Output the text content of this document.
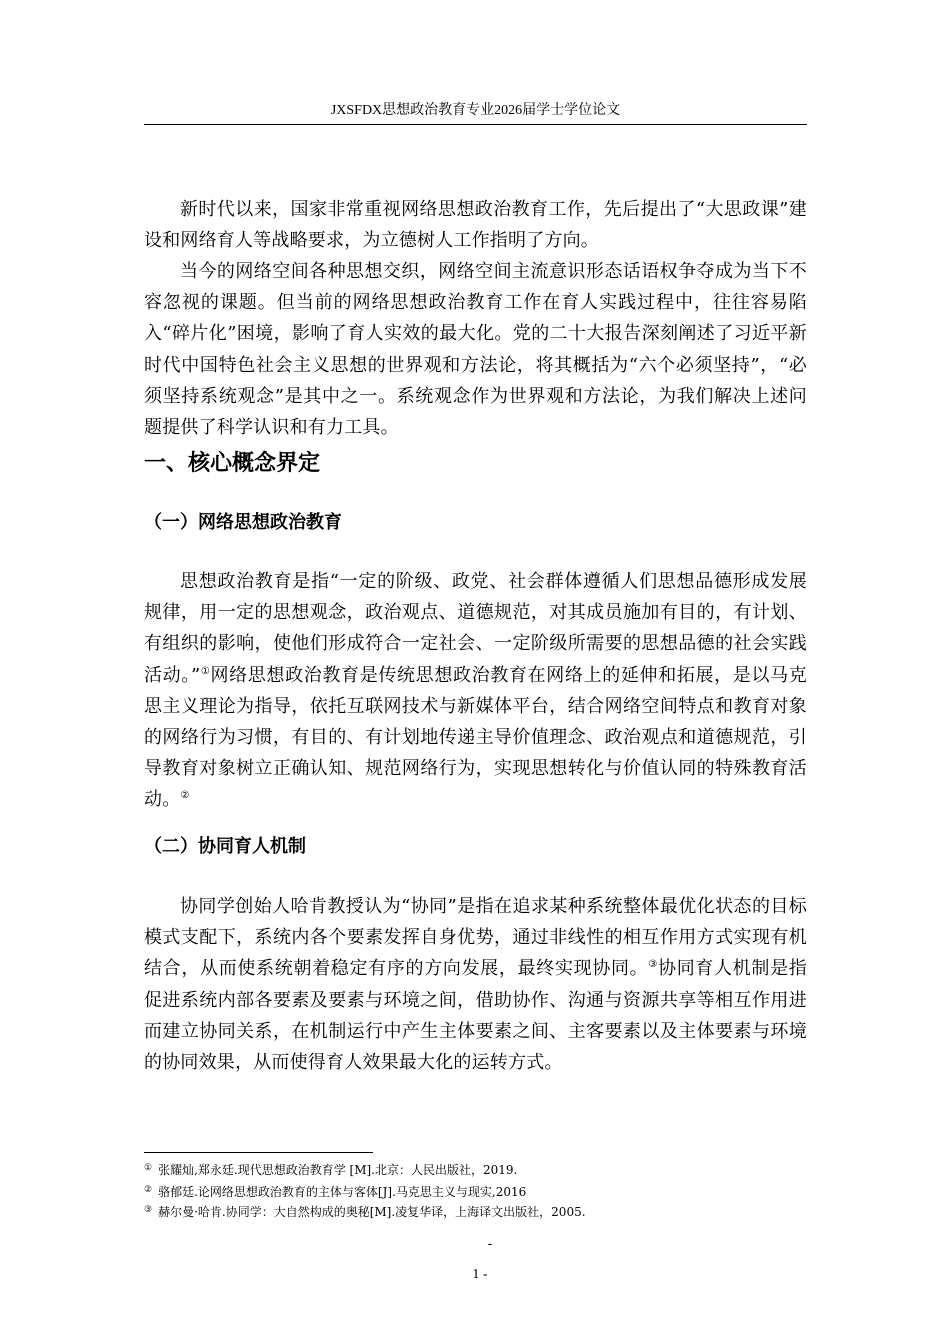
JXSFDX思想政治教育专业2026届学士学位论文

新时代以来，国家非常重视网络思想政治教育工作，先后提出了“大思政课”建设和网络育人等战略要求，为立德树人工作指明了方向。

当今的网络空间各种思想交织，网络空间主流意识形态话语权争夺成为当下不容忽视的课题。但当前的网络思想政治教育工作在育人实践过程中，往往容易陷入“碎片化”困境，影响了育人实效的最大化。党的二十大报告深刻阐述了习近平新时代中国特色社会主义思想的世界观和方法论，将其概括为“六个必须坚持”，“必须坚持系统观念”是其中之一。系统观念作为世界观和方法论，为我们解决上述问题提供了科学认识和有力工具。

一、核心概念界定
（一）网络思想政治教育

思想政治教育是指“一定的阶级、政党、社会群体遵循人们思想品德形成发展规律，用一定的思想观念，政治观点、道德规范，对其成员施加有目的，有计划、有组织的影响，使他们形成符合一定社会、一定阶级所需要的思想品德的社会实践活动。”①网络思想政治教育是传统思想政治教育在网络上的延伸和拓展，是以马克思主义理论为指导，依托互联网技术与新媒体平台，结合网络空间特点和教育对象的网络行为习惯，有目的、有计划地传递主导价值理念、政治观点和道德规范，引导教育对象树立正确认知、规范网络行为，实现思想转化与价值认同的特殊教育活动。②

（二）协同育人机制

协同学创始人哈肯教授认为“协同”是指在追求某种系统整体最优化状态的目标模式支配下，系统内各个要素发挥自身优势，通过非线性的相互作用方式实现有机结合，从而使系统朝着稳定有序的方向发展，最终实现协同。③协同育人机制是指促进系统内部各要素及要素与环境之间，借助协作、沟通与资源共享等相互作用进而建立协同关系，在机制运行中产生主体要素之间、主客要素以及主体要素与环境的协同效果，从而使得育人效果最大化的运转方式。

① 张耀灿,郑永廷.现代思想政治教育学 [M].北京：人民出版社，2019.
② 骆郁廷.论网络思想政治教育的主体与客体[J].马克思主义与现实,2016
③ 赫尔曼·哈肯.协同学：大自然构成的奥秘[M].凌复华译，上海译文出版社，2005.
-
1 -
